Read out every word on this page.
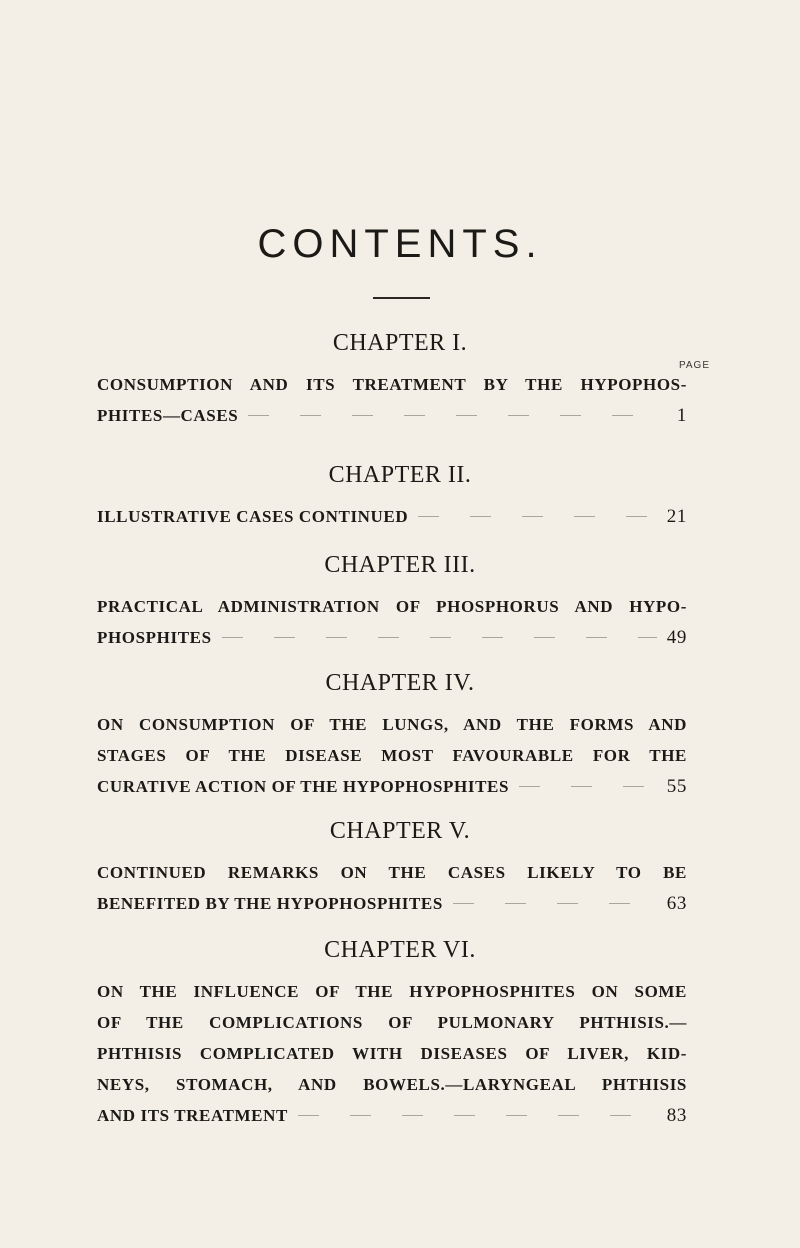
CONTENTS.
PAGE
CHAPTER I.
CONSUMPTION AND ITS TREATMENT BY THE HYPOPHOS-
PHITES—CASES	1
CHAPTER II.
ILLUSTRATIVE CASES CONTINUED	21
CHAPTER III.
PRACTICAL ADMINISTRATION OF PHOSPHORUS AND HYPO-
PHOSPHITES	49
CHAPTER IV.
ON CONSUMPTION OF THE LUNGS, AND THE FORMS AND
STAGES OF THE DISEASE MOST FAVOURABLE FOR THE
CURATIVE ACTION OF THE HYPOPHOSPHITES	55
CHAPTER V.
CONTINUED REMARKS ON THE CASES LIKELY TO BE
BENEFITED BY THE HYPOPHOSPHITES	63
CHAPTER VI.
ON THE INFLUENCE OF THE HYPOPHOSPHITES ON SOME
OF THE COMPLICATIONS OF PULMONARY PHTHISIS.—
PHTHISIS COMPLICATED WITH DISEASES OF LIVER, KID-
NEYS, STOMACH, AND BOWELS.—LARYNGEAL PHTHISIS
AND ITS TREATMENT	83
